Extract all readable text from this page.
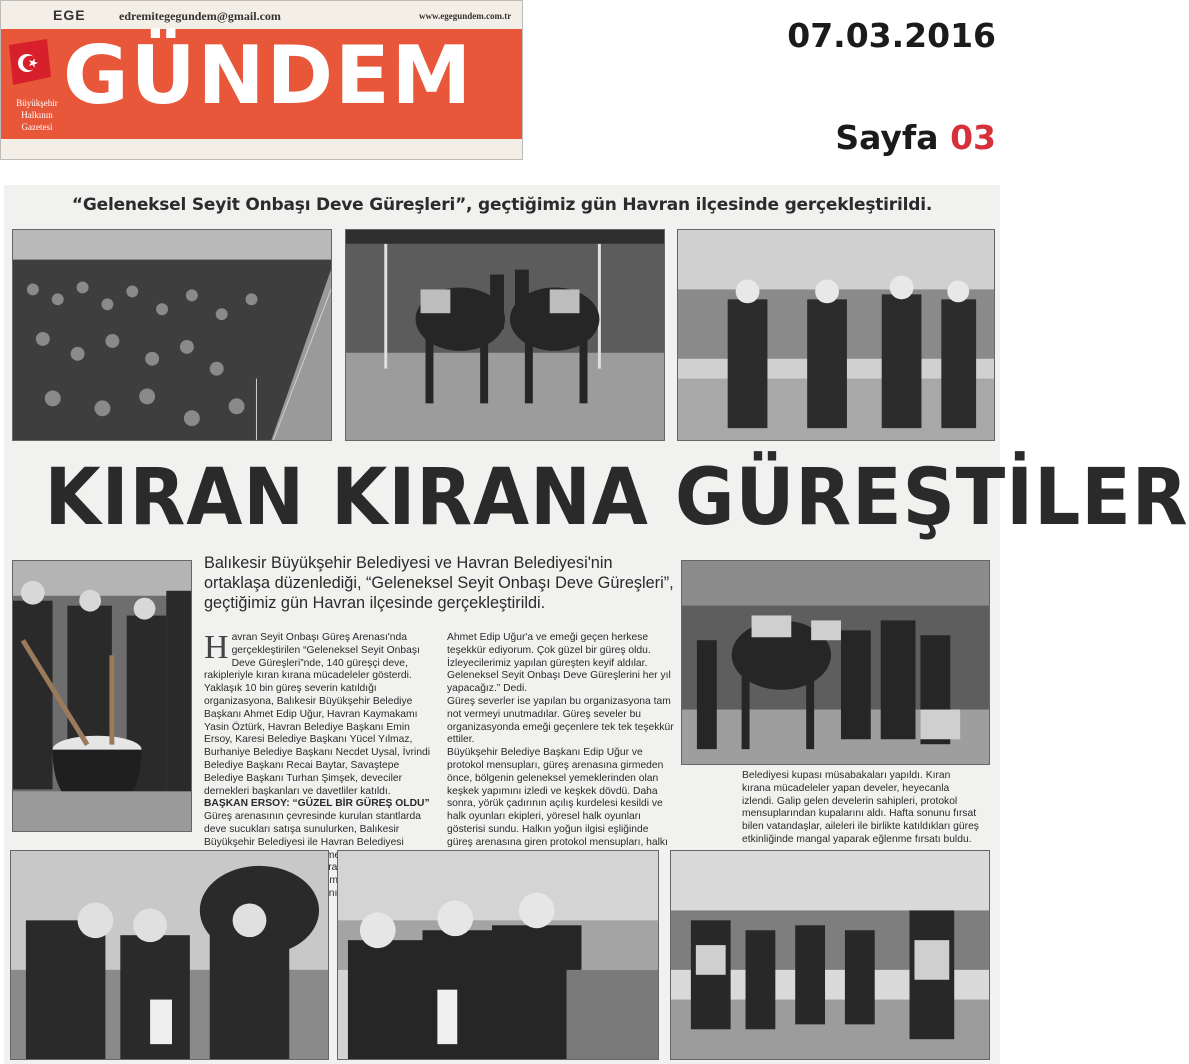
EGE	edremitegegundem@gmail.com	www.egegundem.com.tr
GÜNDEM
Büyükşehir Halkının Gazetesi
07.03.2016
Sayfa 03
“Geleneksel Seyit Onbaşı Deve Güreşleri”, geçtiğimiz gün Havran ilçesinde gerçekleştirildi.
KIRAN KIRANA GÜREŞTİLER
Balıkesir Büyükşehir Belediyesi ve Havran Belediyesi'nin ortaklaşa düzenlediği, “Geleneksel Seyit Onbaşı Deve Güreşleri”, geçtiğimiz gün Havran ilçesinde gerçekleştirildi.

Havran Seyit Onbaşı Güreş Arenası'nda gerçekleştirilen “Geleneksel Seyit Onbaşı Deve Güreşleri”nde, 140 güreşçi deve, rakipleriyle kıran kırana mücadeleler gösterdi. Yaklaşık 10 bin güreş severin katıldığı organizasyona, Balıkesir Büyükşehir Belediye Başkanı Ahmet Edip Uğur, Havran Kaymakamı Yasin Öztürk, Havran Belediye Başkanı Emin Ersoy, Karesi Belediye Başkanı Yücel Yılmaz, Burhaniye Belediye Başkanı Necdet Uysal, İvrindi Belediye Başkanı Recai Baytar, Savaştepe Belediye Başkanı Turhan Şimşek, deveciler dernekleri başkanları ve davetliler katıldı.

BAŞKAN ERSOY: “GÜZEL BİR GÜREŞ OLDU”

Güreş arenasının çevresinde kurulan stantlarda deve sucukları satışa sunulurken, Balıkesir Büyükşehir Belediyesi ile Havran Belediyesi yemek olarak Emin

Ahmet Edip Uğur'a ve emeği geçen herkese teşekkür ediyorum. Çok güzel bir güreş oldu. İzleyecilerimiz yapılan güreşten keyif aldılar. Geleneksel Seyit Onbaşı Deve Güreşlerini her yıl yapacağız.” Dedi.

Güreş severler ise yapılan bu organizasyona tam not vermeyi unutmadılar. Güreş seveler bu organizasyonda emeği geçenlere tek tek teşekkür ettiler.

Büyükşehir Belediye Başkanı Edip Uğur ve protokol mensupları, güreş arenasına girmeden önce, bölgenin geleneksel yemeklerinden olan keşkek yapımını izledi ve keşkek dövdü. Daha sonra, yörük çadırının açılış kurdelesi kesildi ve halk oyunları ekipleri, yöresel halk oyunları gösterisi sundu. Halkın yoğun ilgisi eşliğinde güreş arenasına giren protokol mensupları, halkı

Belediyesi kupası müsabakaları yapıldı. Kıran kırana mücadeleler yapan develer, heyecanla izlendi. Galip gelen develerin sahipleri, protokol mensuplarından kupalarını aldı. Hafta sonunu fırsat bilen vatandaşlar, aileleri ile birlikte katıldıkları güreş etkinliğinde mangal yaparak eğlenme fırsatı buldu.
